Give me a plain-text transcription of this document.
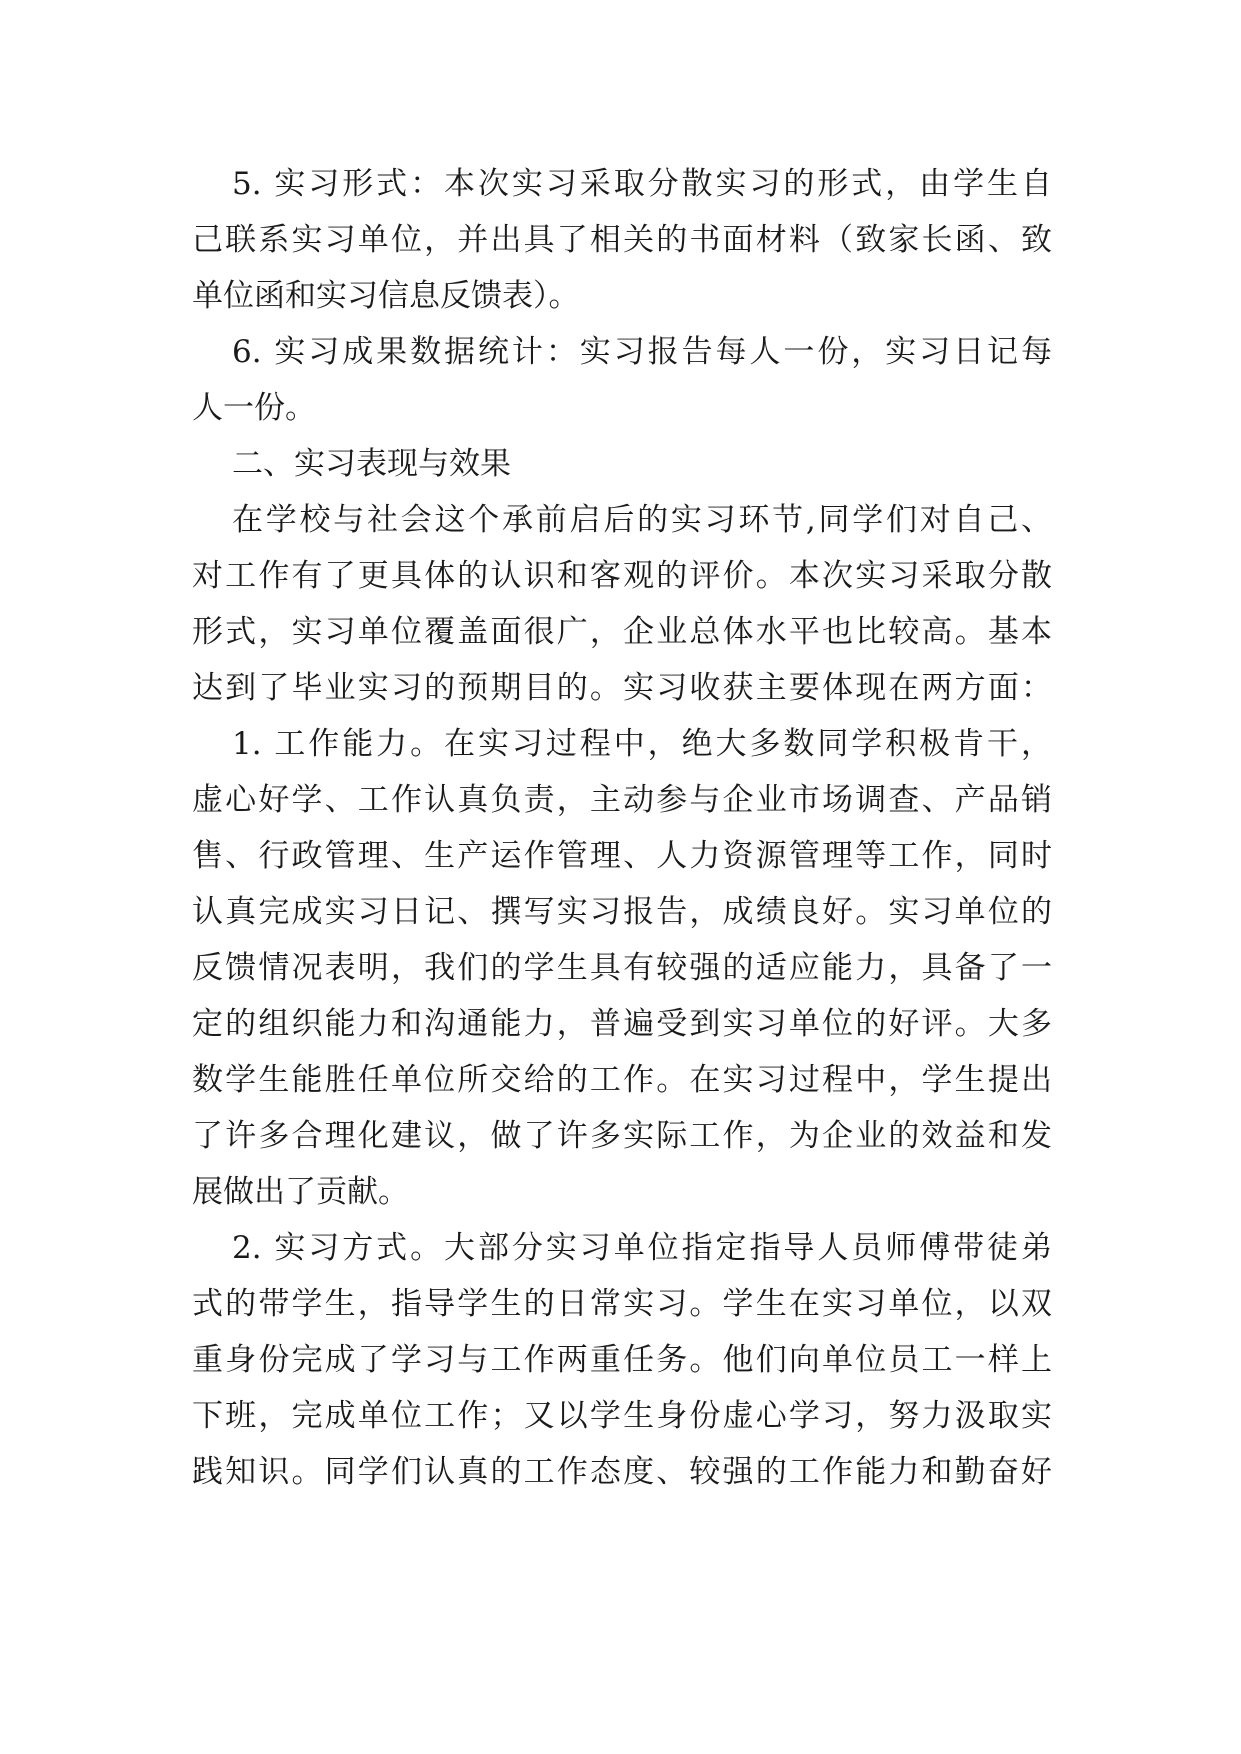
5. 实习形式：本次实习采取分散实习的形式，由学生自
己联系实习单位，并出具了相关的书面材料（致家长函、致
单位函和实习信息反馈表）。
6. 实习成果数据统计：实习报告每人一份，实习日记每
人一份。
二、实习表现与效果
在学校与社会这个承前启后的实习环节,同学们对自己、
对工作有了更具体的认识和客观的评价。本次实习采取分散
形式，实习单位覆盖面很广，企业总体水平也比较高。基本
达到了毕业实习的预期目的。实习收获主要体现在两方面：
1. 工作能力。在实习过程中，绝大多数同学积极肯干，
虚心好学、工作认真负责，主动参与企业市场调查、产品销
售、行政管理、生产运作管理、人力资源管理等工作，同时
认真完成实习日记、撰写实习报告，成绩良好。实习单位的
反馈情况表明，我们的学生具有较强的适应能力，具备了一
定的组织能力和沟通能力，普遍受到实习单位的好评。大多
数学生能胜任单位所交给的工作。在实习过程中，学生提出
了许多合理化建议，做了许多实际工作，为企业的效益和发
展做出了贡献。
2. 实习方式。大部分实习单位指定指导人员师傅带徒弟
式的带学生，指导学生的日常实习。学生在实习单位，以双
重身份完成了学习与工作两重任务。他们向单位员工一样上
下班，完成单位工作；又以学生身份虚心学习，努力汲取实
践知识。同学们认真的工作态度、较强的工作能力和勤奋好
